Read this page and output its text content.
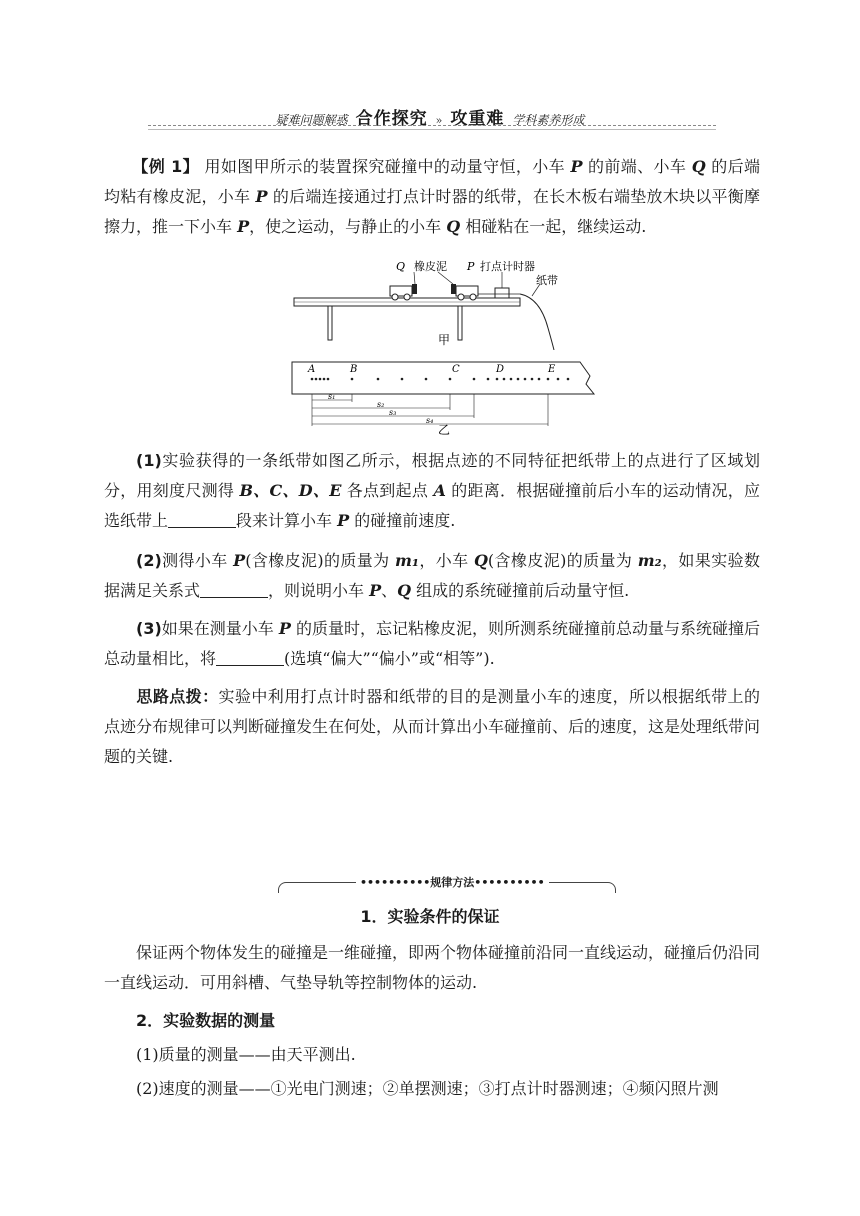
疑难问题解惑 合作探究 » 攻重难 学科素养形成
【例 1】 用如图甲所示的装置探究碰撞中的动量守恒，小车 P 的前端、小车 Q 的后端均粘有橡皮泥，小车 P 的后端连接通过打点计时器的纸带，在长木板右端垫放木块以平衡摩擦力，推一下小车 P，使之运动，与静止的小车 Q 相碰粘在一起，继续运动.
Q 橡皮泥 P 打点计时器
纸带
甲
A	B	C	D	E
s₁
s₂
s₃
s₄
乙
(1)实验获得的一条纸带如图乙所示，根据点迹的不同特征把纸带上的点进行了区域划分，用刻度尺测得 B、C、D、E 各点到起点 A 的距离．根据碰撞前后小车的运动情况，应选纸带上	段来计算小车 P 的碰撞前速度.
(2)测得小车 P(含橡皮泥)的质量为 m₁，小车 Q(含橡皮泥)的质量为 m₂，如果实验数据满足关系式	，则说明小车 P、Q 组成的系统碰撞前后动量守恒.
(3)如果在测量小车 P 的质量时，忘记粘橡皮泥，则所测系统碰撞前总动量与系统碰撞后总动量相比，将	(选填“偏大”“偏小”或“相等”).
思路点拨：实验中利用打点计时器和纸带的目的是测量小车的速度，所以根据纸带上的点迹分布规律可以判断碰撞发生在何处，从而计算出小车碰撞前、后的速度，这是处理纸带问题的关键.
••••••••••规律方法••••••••••
1．实验条件的保证
保证两个物体发生的碰撞是一维碰撞，即两个物体碰撞前沿同一直线运动，碰撞后仍沿同一直线运动．可用斜槽、气垫导轨等控制物体的运动.
2．实验数据的测量
(1)质量的测量——由天平测出.
(2)速度的测量——①光电门测速；②单摆测速；③打点计时器测速；④频闪照片测
